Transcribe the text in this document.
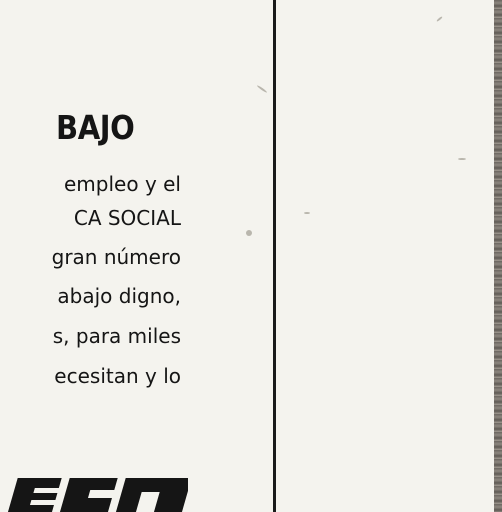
BAJO
empleo y el
CA SOCIAL
gran número
abajo digno,
s, para miles
ecesitan y lo
